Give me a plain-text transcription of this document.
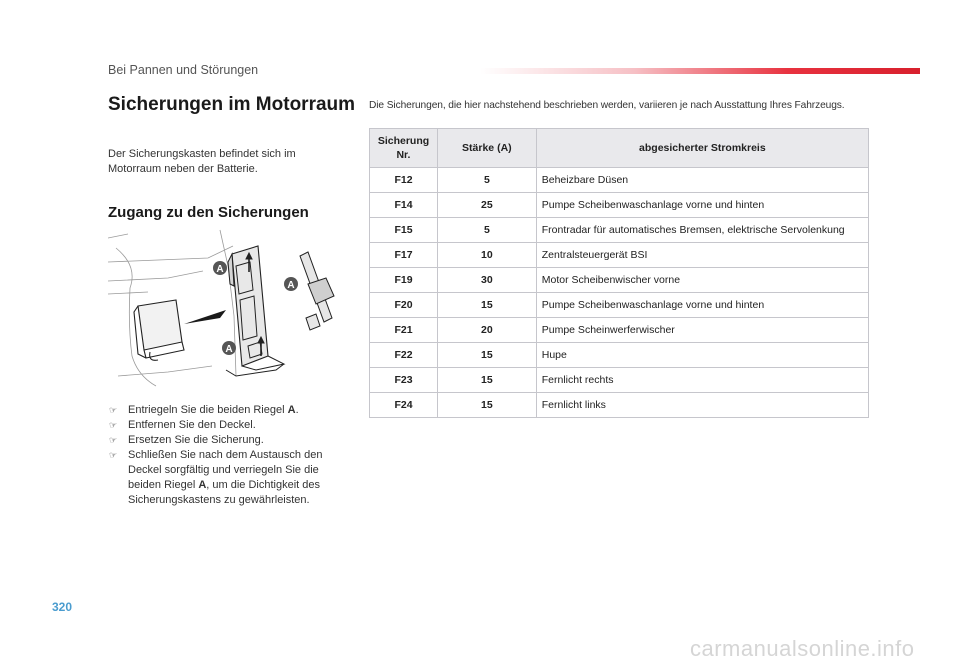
Bei Pannen und Störungen
Sicherungen im Motorraum
Der Sicherungskasten befindet sich im Motorraum neben der Batterie.
Zugang zu den Sicherungen
A
A
A
☞ Entriegeln Sie die beiden Riegel A.
☞ Entfernen Sie den Deckel.
☞ Ersetzen Sie die Sicherung.
☞ Schließen Sie nach dem Austausch den Deckel sorgfältig und verriegeln Sie die beiden Riegel A, um die Dichtigkeit des Sicherungskastens zu gewährleisten.
Die Sicherungen, die hier nachstehend beschrieben werden, variieren je nach Ausstattung Ihres Fahrzeugs.
Sicherung Nr.	Stärke (A)	abgesicherter Stromkreis
F12	5	Beheizbare Düsen
F14	25	Pumpe Scheibenwaschanlage vorne und hinten
F15	5	Frontradar für automatisches Bremsen, elektrische Servolenkung
F17	10	Zentralsteuergerät BSI
F19	30	Motor Scheibenwischer vorne
F20	15	Pumpe Scheibenwaschanlage vorne und hinten
F21	20	Pumpe Scheinwerferwischer
F22	15	Hupe
F23	15	Fernlicht rechts
F24	15	Fernlicht links
320
carmanualsonline.info
